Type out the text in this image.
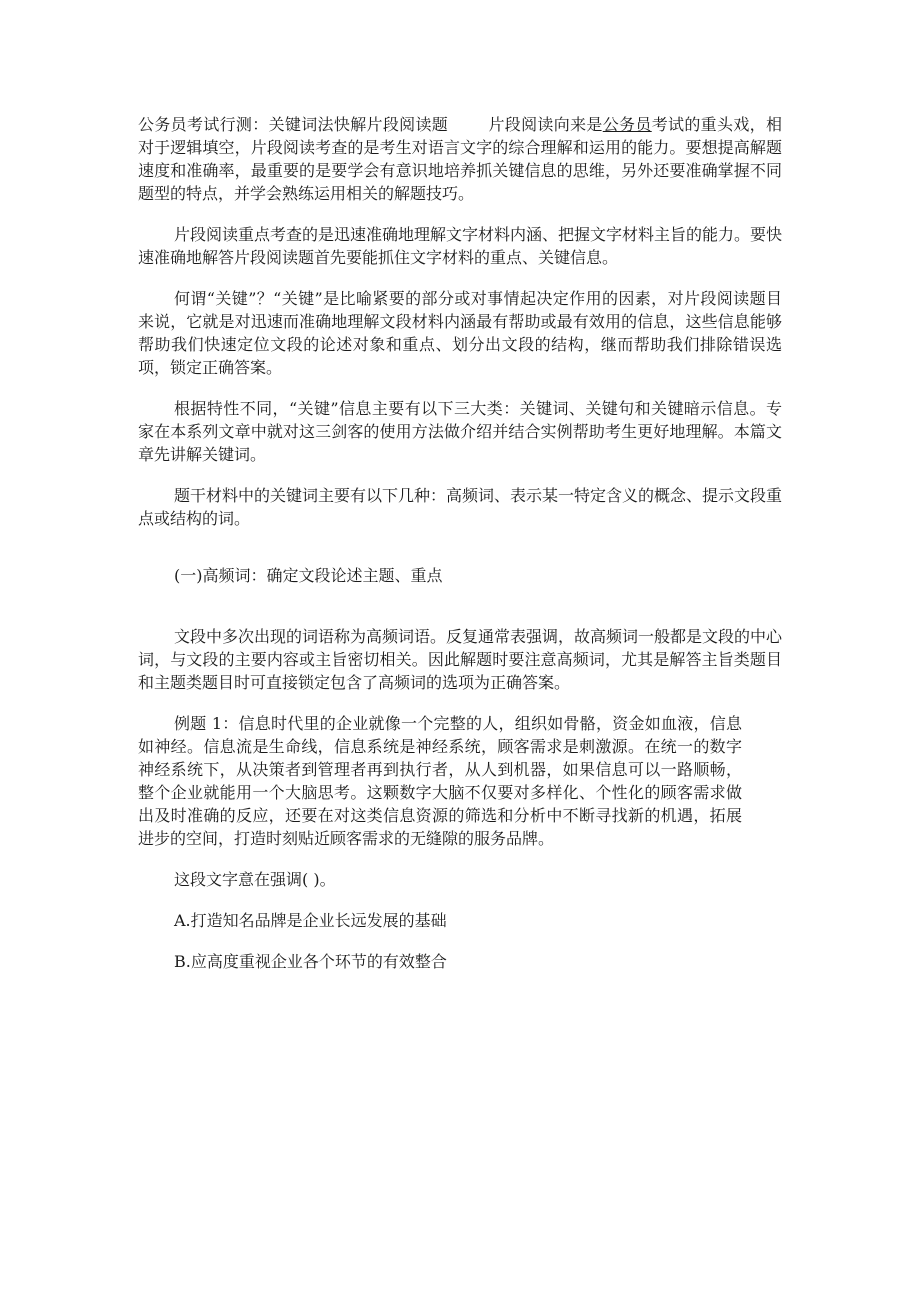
公务员考试行测：关键词法快解片段阅读题	片段阅读向来是公务员考试的重头戏，相对于逻辑填空，片段阅读考查的是考生对语言文字的综合理解和运用的能力。要想提高解题速度和准确率，最重要的是要学会有意识地培养抓关键信息的思维，另外还要准确掌握不同题型的特点，并学会熟练运用相关的解题技巧。

片段阅读重点考查的是迅速准确地理解文字材料内涵、把握文字材料主旨的能力。要快速准确地解答片段阅读题首先要能抓住文字材料的重点、关键信息。

何谓“关键”？“关键”是比喻紧要的部分或对事情起决定作用的因素，对片段阅读题目来说，它就是对迅速而准确地理解文段材料内涵最有帮助或最有效用的信息，这些信息能够帮助我们快速定位文段的论述对象和重点、划分出文段的结构，继而帮助我们排除错误选项，锁定正确答案。

根据特性不同，“关键”信息主要有以下三大类：关键词、关键句和关键暗示信息。专家在本系列文章中就对这三剑客的使用方法做介绍并结合实例帮助考生更好地理解。本篇文章先讲解关键词。

题干材料中的关键词主要有以下几种：高频词、表示某一特定含义的概念、提示文段重点或结构的词。

(一)高频词：确定文段论述主题、重点

文段中多次出现的词语称为高频词语。反复通常表强调，故高频词一般都是文段的中心词，与文段的主要内容或主旨密切相关。因此解题时要注意高频词，尤其是解答主旨类题目和主题类题目时可直接锁定包含了高频词的选项为正确答案。

例题 1：信息时代里的企业就像一个完整的人，组织如骨骼，资金如血液，信息如神经。信息流是生命线，信息系统是神经系统，顾客需求是刺激源。在统一的数字神经系统下，从决策者到管理者再到执行者，从人到机器，如果信息可以一路顺畅，整个企业就能用一个大脑思考。这颗数字大脑不仅要对多样化、个性化的顾客需求做出及时准确的反应，还要在对这类信息资源的筛选和分析中不断寻找新的机遇，拓展进步的空间，打造时刻贴近顾客需求的无缝隙的服务品牌。

这段文字意在强调( )。

A.打造知名品牌是企业长远发展的基础

B.应高度重视企业各个环节的有效整合
